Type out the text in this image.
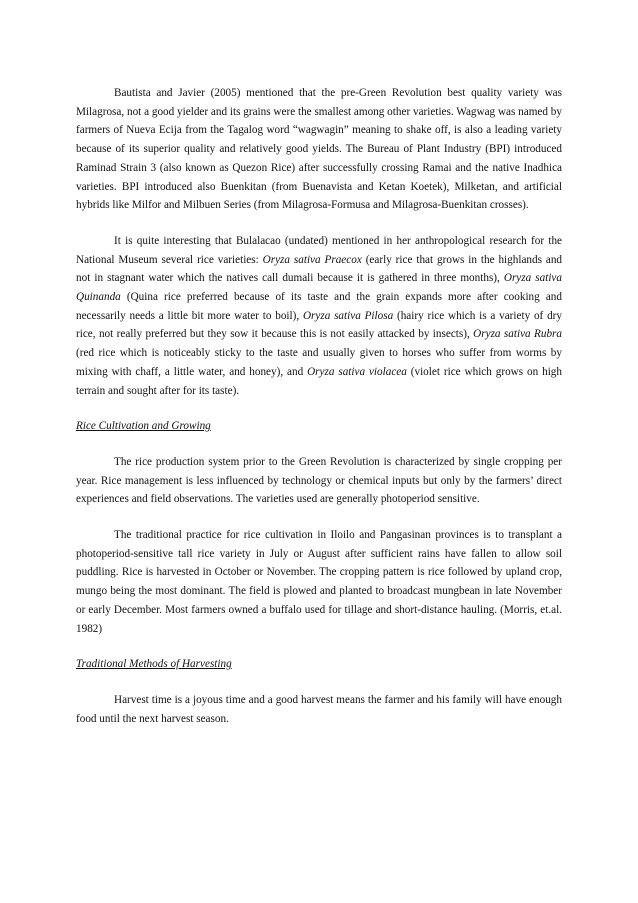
Bautista and Javier (2005) mentioned that the pre-Green Revolution best quality variety was Milagrosa, not a good yielder and its grains were the smallest among other varieties. Wagwag was named by farmers of Nueva Ecija from the Tagalog word “wagwagin” meaning to shake off, is also a leading variety because of its superior quality and relatively good yields. The Bureau of Plant Industry (BPI) introduced Raminad Strain 3 (also known as Quezon Rice) after successfully crossing Ramai and the native Inadhica varieties. BPI introduced also Buenkitan (from Buenavista and Ketan Koetek), Milketan, and artificial hybrids like Milfor and Milbuen Series (from Milagrosa-Formusa and Milagrosa-Buenkitan crosses).

It is quite interesting that Bulalacao (undated) mentioned in her anthropological research for the National Museum several rice varieties: Oryza sativa Praecox (early rice that grows in the highlands and not in stagnant water which the natives call dumali because it is gathered in three months), Oryza sativa Quinanda (Quina rice preferred because of its taste and the grain expands more after cooking and necessarily needs a little bit more water to boil), Oryza sativa Pilosa (hairy rice which is a variety of dry rice, not really preferred but they sow it because this is not easily attacked by insects), Oryza sativa Rubra (red rice which is noticeably sticky to the taste and usually given to horses who suffer from worms by mixing with chaff, a little water, and honey), and Oryza sativa violacea (violet rice which grows on high terrain and sought after for its taste).

Rice Cultivation and Growing

The rice production system prior to the Green Revolution is characterized by single cropping per year. Rice management is less influenced by technology or chemical inputs but only by the farmers’ direct experiences and field observations. The varieties used are generally photoperiod sensitive.

The traditional practice for rice cultivation in Iloilo and Pangasinan provinces is to transplant a photoperiod-sensitive tall rice variety in July or August after sufficient rains have fallen to allow soil puddling. Rice is harvested in October or November. The cropping pattern is rice followed by upland crop, mungo being the most dominant. The field is plowed and planted to broadcast mungbean in late November or early December. Most farmers owned a buffalo used for tillage and short-distance hauling. (Morris, et.al. 1982)

Traditional Methods of Harvesting

Harvest time is a joyous time and a good harvest means the farmer and his family will have enough food until the next harvest season.
